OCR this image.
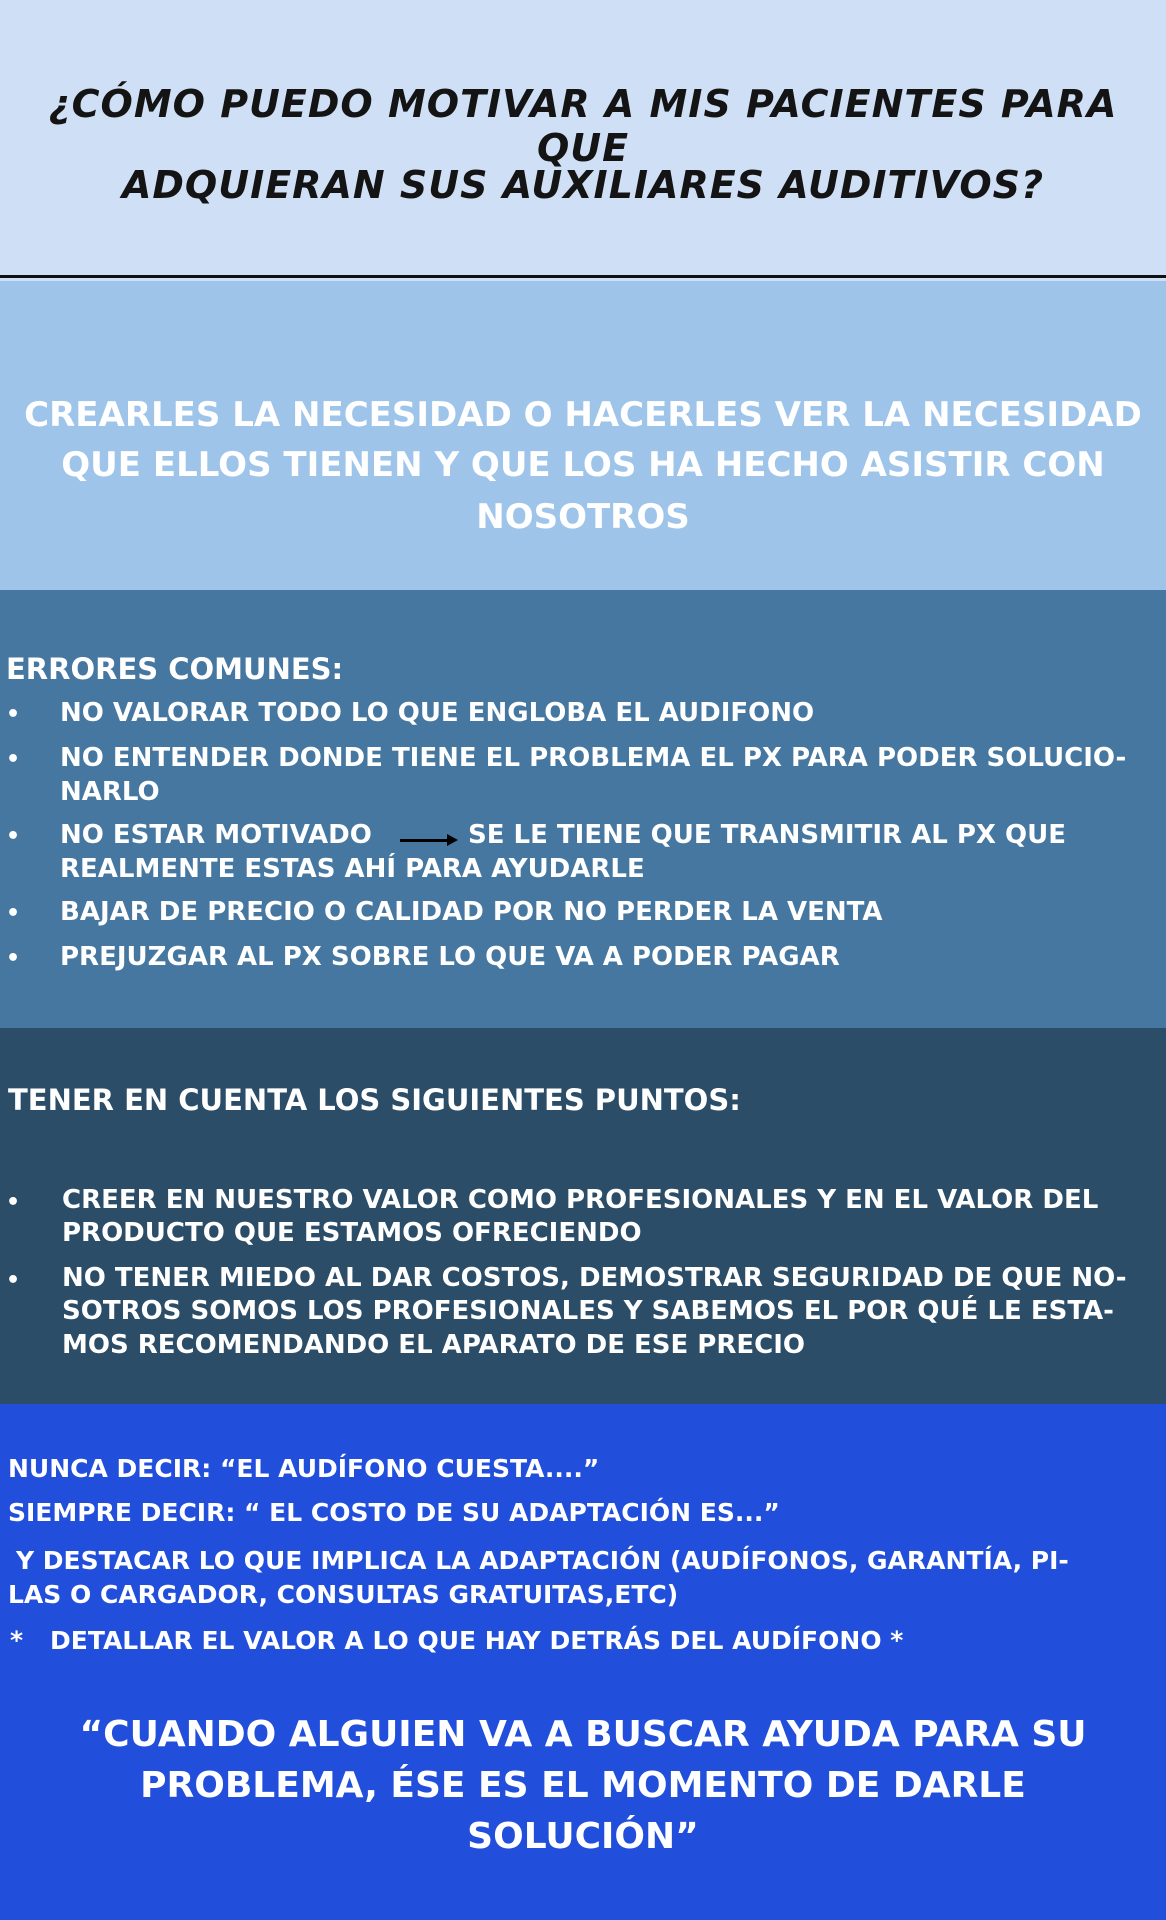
¿CÓMO PUEDO MOTIVAR A MIS PACIENTES PARA QUE
ADQUIERAN SUS AUXILIARES AUDITIVOS?
CREARLES LA NECESIDAD O HACERLES VER LA NECESIDAD
QUE ELLOS TIENEN Y QUE LOS HA HECHO ASISTIR CON
NOSOTROS
ERRORES COMUNES:
• NO VALORAR TODO LO QUE ENGLOBA EL AUDIFONO
• NO ENTENDER DONDE TIENE EL PROBLEMA EL PX PARA PODER SOLUCIO-
NARLO
• NO ESTAR MOTIVADO	SE LE TIENE QUE TRANSMITIR AL PX QUE
REALMENTE ESTAS AHÍ PARA AYUDARLE
• BAJAR DE PRECIO O CALIDAD POR NO PERDER LA VENTA
• PREJUZGAR AL PX SOBRE LO QUE VA A PODER PAGAR
TENER EN CUENTA LOS SIGUIENTES PUNTOS:
• CREER EN NUESTRO VALOR COMO PROFESIONALES Y EN EL VALOR DEL
PRODUCTO QUE ESTAMOS OFRECIENDO
• NO TENER MIEDO AL DAR COSTOS, DEMOSTRAR SEGURIDAD DE QUE NO-
SOTROS SOMOS LOS PROFESIONALES Y SABEMOS EL POR QUÉ LE ESTA-
MOS RECOMENDANDO EL APARATO DE ESE PRECIO
NUNCA DECIR: “EL AUDÍFONO CUESTA....”
SIEMPRE DECIR: “ EL COSTO DE SU ADAPTACIÓN ES...”
Y DESTACAR LO QUE IMPLICA LA ADAPTACIÓN (AUDÍFONOS, GARANTÍA, PI-
LAS O CARGADOR, CONSULTAS GRATUITAS,ETC)
* DETALLAR EL VALOR A LO QUE HAY DETRÁS DEL AUDÍFONO *
“CUANDO ALGUIEN VA A BUSCAR AYUDA PARA SU
PROBLEMA, ÉSE ES EL MOMENTO DE DARLE
SOLUCIÓN”
